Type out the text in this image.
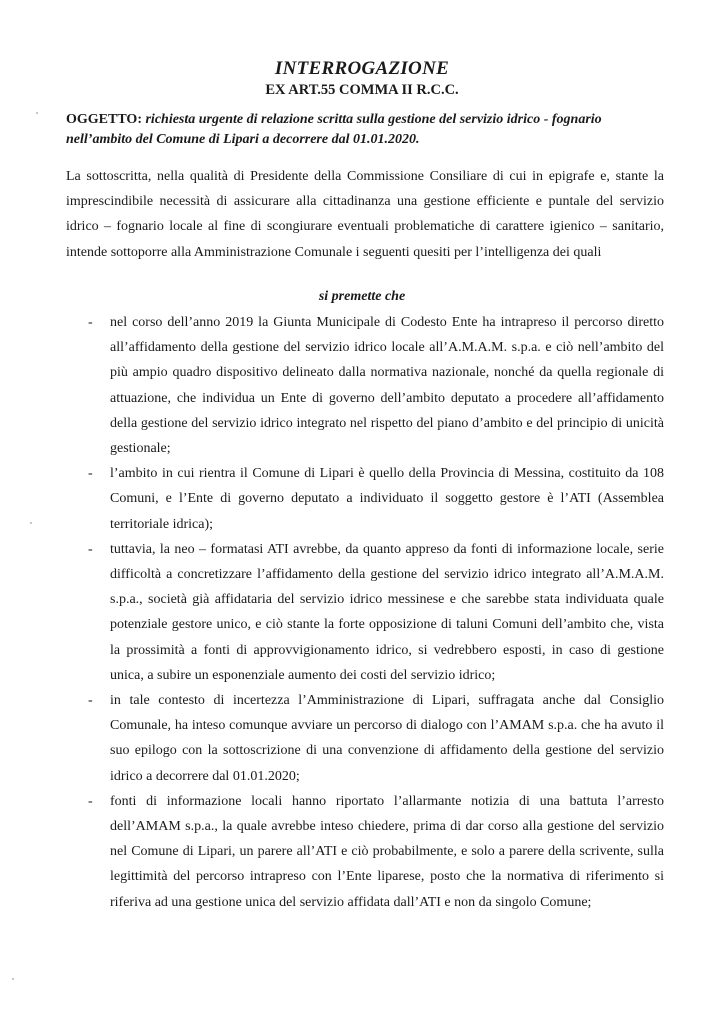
INTERROGAZIONE
EX ART.55 COMMA II R.C.C.
OGGETTO: richiesta urgente di relazione scritta sulla gestione del servizio idrico - fognario nell’ambito del Comune di Lipari a decorrere dal 01.01.2020.
La sottoscritta, nella qualità di Presidente della Commissione Consiliare di cui in epigrafe e, stante la imprescindibile necessità di assicurare alla cittadinanza una gestione efficiente e puntale del servizio idrico – fognario locale al fine di scongiurare eventuali problematiche di carattere igienico – sanitario, intende sottoporre alla Amministrazione Comunale i seguenti quesiti per l’intelligenza dei quali
si premette che
- nel corso dell’anno 2019 la Giunta Municipale di Codesto Ente ha intrapreso il percorso diretto all’affidamento della gestione del servizio idrico locale all’A.M.A.M. s.p.a. e ciò nell’ambito del più ampio quadro dispositivo delineato dalla normativa nazionale, nonché da quella regionale di attuazione, che individua un Ente di governo dell’ambito deputato a procedere all’affidamento della gestione del servizio idrico integrato nel rispetto del piano d’ambito e del principio di unicità gestionale;
- l’ambito in cui rientra il Comune di Lipari è quello della Provincia di Messina, costituito da 108 Comuni, e l’Ente di governo deputato a individuato il soggetto gestore è l’ATI (Assemblea territoriale idrica);
- tuttavia, la neo – formatasi ATI avrebbe, da quanto appreso da fonti di informazione locale, serie difficoltà a concretizzare l’affidamento della gestione del servizio idrico integrato all’A.M.A.M. s.p.a., società già affidataria del servizio idrico messinese e che sarebbe stata individuata quale potenziale gestore unico, e ciò stante la forte opposizione di taluni Comuni dell’ambito che, vista la prossimità a fonti di approvvigionamento idrico, si vedrebbero esposti, in caso di gestione unica, a subire un esponenziale aumento dei costi del servizio idrico;
- in tale contesto di incertezza l’Amministrazione di Lipari, suffragata anche dal Consiglio Comunale, ha inteso comunque avviare un percorso di dialogo con l’AMAM s.p.a. che ha avuto il suo epilogo con la sottoscrizione di una convenzione di affidamento della gestione del servizio idrico a decorrere dal 01.01.2020;
- fonti di informazione locali hanno riportato l’allarmante notizia di una battuta l’arresto dell’AMAM s.p.a., la quale avrebbe inteso chiedere, prima di dar corso alla gestione del servizio nel Comune di Lipari, un parere all’ATI e ciò probabilmente, e solo a parere della scrivente, sulla legittimità del percorso intrapreso con l’Ente liparese, posto che la normativa di riferimento si riferiva ad una gestione unica del servizio affidata dall’ATI e non da singolo Comune;
